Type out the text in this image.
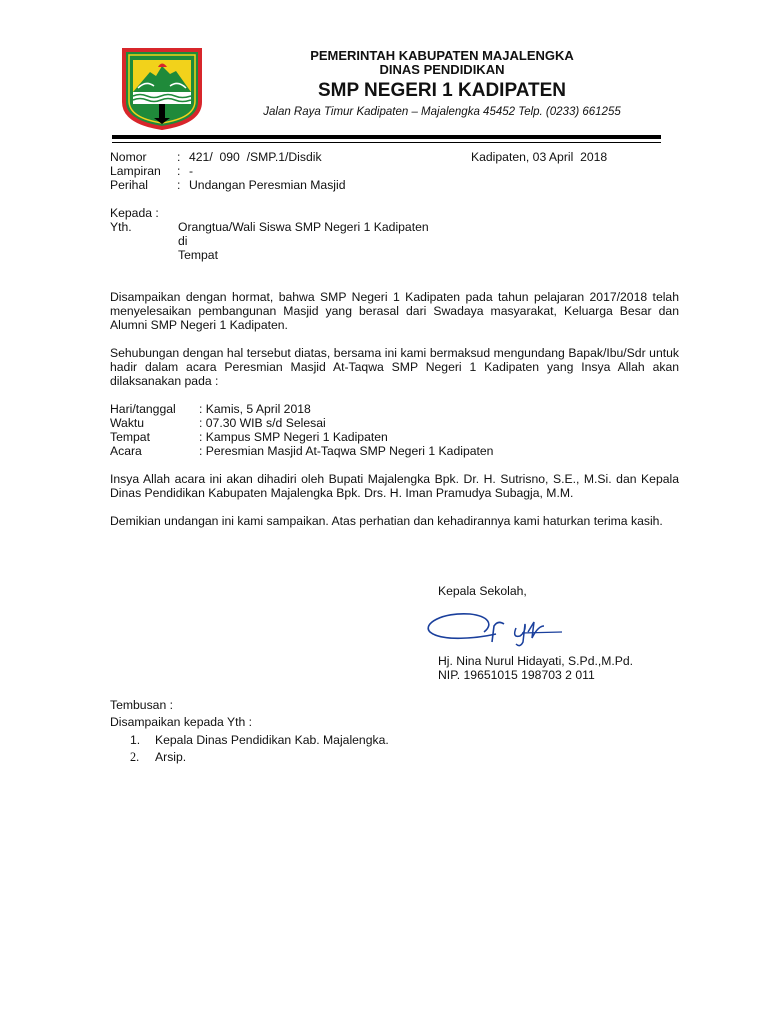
PEMERINTAH KABUPATEN MAJALENGKA
DINAS PENDIDIKAN
SMP NEGERI 1 KADIPATEN
Jalan Raya Timur Kadipaten – Majalengka 45452 Telp. (0233) 661255
Nomor : 421/  090  /SMP.1/Disdik	Kadipaten, 03 April  2018
Lampiran : -
Perihal : Undangan Peresmian Masjid
Kepada :
Yth.	Orangtua/Wali Siswa SMP Negeri 1 Kadipaten
di
Tempat
Disampaikan dengan hormat, bahwa SMP Negeri 1 Kadipaten pada tahun pelajaran 2017/2018 telah menyelesaikan pembangunan Masjid yang berasal dari Swadaya masyarakat, Keluarga Besar dan Alumni SMP Negeri 1 Kadipaten.
Sehubungan dengan hal tersebut diatas, bersama ini kami bermaksud mengundang Bapak/Ibu/Sdr untuk hadir dalam acara Peresmian Masjid At-Taqwa SMP Negeri 1 Kadipaten yang Insya Allah akan dilaksanakan pada :
Hari/tanggal : Kamis, 5 April 2018
Waktu	: 07.30 WIB s/d Selesai
Tempat	: Kampus SMP Negeri 1 Kadipaten
Acara	: Peresmian Masjid At-Taqwa SMP Negeri 1 Kadipaten
Insya Allah acara ini akan dihadiri oleh Bupati Majalengka Bpk. Dr. H. Sutrisno, S.E., M.Si. dan Kepala Dinas Pendidikan Kabupaten Majalengka Bpk. Drs. H. Iman Pramudya Subagja, M.M.
Demikian undangan ini kami sampaikan. Atas perhatian dan kehadirannya kami haturkan terima kasih.
Kepala Sekolah,
Hj. Nina Nurul Hidayati, S.Pd.,M.Pd.
NIP. 19651015 198703 2 011
Tembusan :
Disampaikan kepada Yth :
1. Kepala Dinas Pendidikan Kab. Majalengka.
2. Arsip.
